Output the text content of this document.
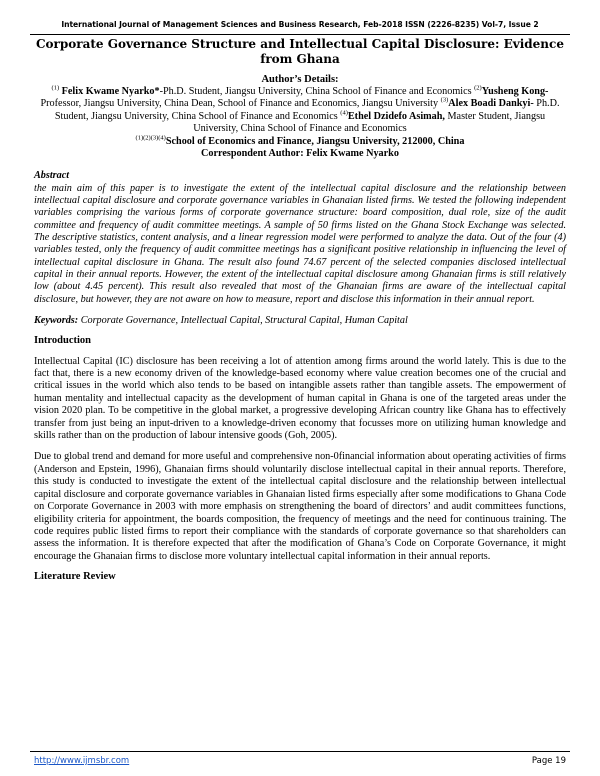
International Journal of Management Sciences and Business Research, Feb-2018 ISSN (2226-8235) Vol-7, Issue 2
Corporate Governance Structure and Intellectual Capital Disclosure: Evidence from Ghana
Author’s Details:
$^{(1)}$ Felix Kwame Nyarko*-Ph.D. Student, Jiangsu University, China School of Finance and Economics $^{(2)}$Yusheng Kong- Professor, Jiangsu University, China Dean, School of Finance and Economics, Jiangsu University $^{(3)}$Alex Boadi Dankyi- Ph.D. Student, Jiangsu University, China School of Finance and Economics $^{(4)}$Ethel Dzidefo Asimah, Master Student, Jiangsu University, China School of Finance and Economics
$^{(1)(2)(3)(4)}$School of Economics and Finance, Jiangsu University, 212000, China
Correspondent Author: Felix Kwame Nyarko
Abstract
the main aim of this paper is to investigate the extent of the intellectual capital disclosure and the relationship between intellectual capital disclosure and corporate governance variables in Ghanaian listed firms. We tested the following independent variables comprising the various forms of corporate governance structure: board composition, dual role, size of the audit committee and frequency of audit committee meetings. A sample of 50 firms listed on the Ghana Stock Exchange was selected. The descriptive statistics, content analysis, and a linear regression model were performed to analyze the data. Out of the four (4) variables tested, only the frequency of audit committee meetings has a significant positive relationship in influencing the level of intellectual capital disclosure in Ghana. The result also found 74.67 percent of the selected companies disclosed intellectual capital in their annual reports. However, the extent of the intellectual capital disclosure among Ghanaian firms is still relatively low (about 4.45 percent). This result also revealed that most of the Ghanaian firms are aware of the intellectual capital disclosure, but however, they are not aware on how to measure, report and disclose this information in their annual report.
Keywords: Corporate Governance, Intellectual Capital, Structural Capital, Human Capital
Introduction
Intellectual Capital (IC) disclosure has been receiving a lot of attention among firms around the world lately. This is due to the fact that, there is a new economy driven of the knowledge-based economy where value creation becomes one of the crucial and critical issues in the world which also tends to be based on intangible assets rather than tangible assets. The empowerment of human mentality and intellectual capacity as the development of human capital in Ghana is one of the targeted areas under the vision 2020 plan. To be competitive in the global market, a progressive developing African country like Ghana has to effectively transfer from just being an input-driven to a knowledge-driven economy that focusses more on utilizing human knowledge and skills rather than on the production of labour intensive goods (Goh, 2005).
Due to global trend and demand for more useful and comprehensive non-0financial information about operating activities of firms (Anderson and Epstein, 1996), Ghanaian firms should voluntarily disclose intellectual capital in their annual reports. Therefore, this study is conducted to investigate the extent of the intellectual capital disclosure and the relationship between intellectual capital disclosure and corporate governance variables in Ghanaian listed firms especially after some modifications to Ghana Code on Corporate Governance in 2003 with more emphasis on strengthening the board of directors’ and audit committees functions, eligibility criteria for appointment, the boards composition, the frequency of meetings and the need for continuous training. The code requires public listed firms to report their compliance with the standards of corporate governance so that shareholders can assess the information. It is therefore expected that after the modification of Ghana’s Code on Corporate Governance, it might encourage the Ghanaian firms to disclose more voluntary intellectual capital information in their annual reports.
Literature Review
http://www.ijmsbr.com	Page 19
